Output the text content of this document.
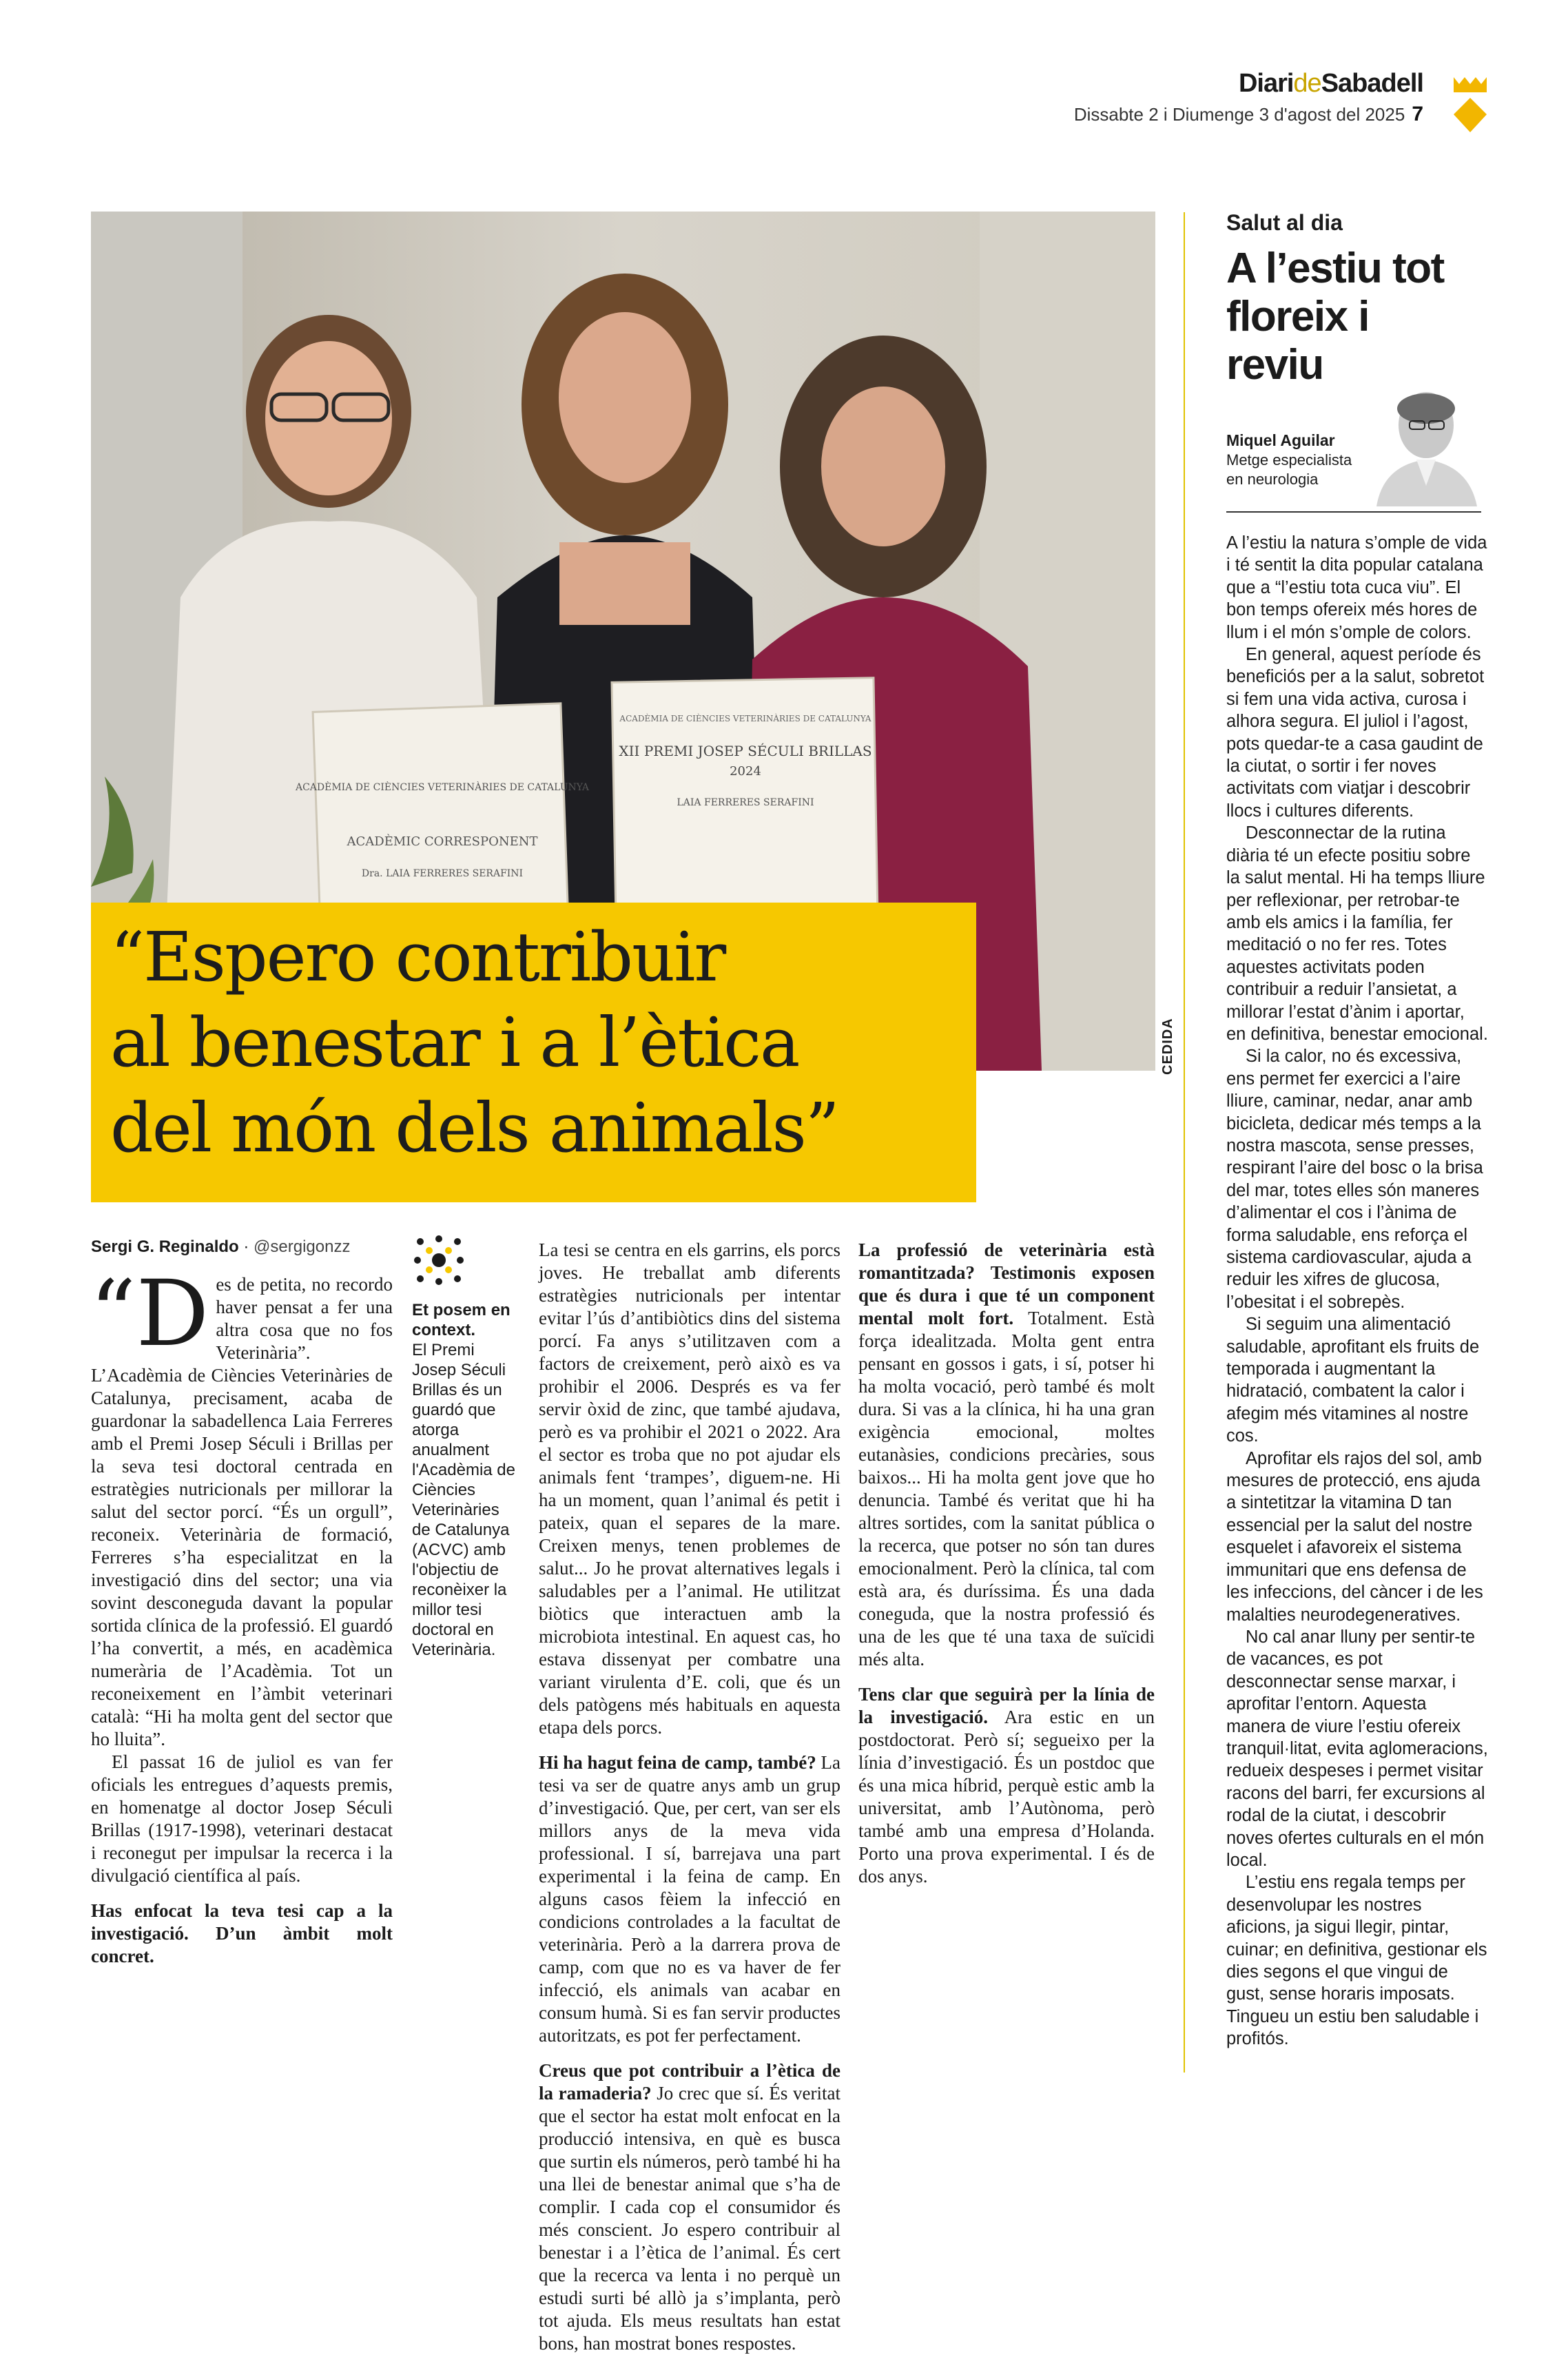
DiarideSabadell
Dissabte 2 i Diumenge 3 d'agost del 2025 7
ACADÈMIA DE CIÈNCIES VETERINÀRIES DE CATALUNYA
ACADÈMIC CORRESPONENT
Dra. LAIA FERRERES SERAFINI
ACADÈMIA DE CIÈNCIES VETERINÀRIES DE CATALUNYA
XII PREMI JOSEP SÉCULI BRILLAS
2024
LAIA FERRERES SERAFINI
CEDIDA
“Espero contribuir
al benestar i a l’ètica
del món dels animals”
Sergi G. Reginaldo · @sergigonzz

“Des de petita, no recordo haver pensat a fer una altra cosa que no fos Veterinària”. L’Acadèmia de Ciències Veterinàries de Catalunya, precisament, acaba de guardonar la sabadellenca Laia Ferreres amb el Premi Josep Séculi i Brillas per la seva tesi doctoral centrada en estratègies nutricionals per millorar la salut del sector porcí. “És un orgull”, reconeix. Veterinària de formació, Ferreres s’ha especialitzat en la investigació dins del sector; una via sovint desconeguda davant la popular sortida clínica de la professió. El guardó l’ha convertit, a més, en acadèmica numerària de l’Acadèmia. Tot un reconeixement en l’àmbit veterinari català: “Hi ha molta gent del sector que ho lluita”.

El passat 16 de juliol es van fer oficials les entregues d’aquests premis, en homenatge al doctor Josep Séculi Brillas (1917-1998), veterinari destacat i reconegut per impulsar la recerca i la divulgació científica al país.

Has enfocat la teva tesi cap a la investigació. D’un àmbit molt concret.

Et posem en context.
El Premi Josep Séculi Brillas és un guardó que atorga anualment l'Acadèmia de Ciències Veterinàries de Catalunya (ACVC) amb l'objectiu de reconèixer la millor tesi doctoral en Veterinària.

La tesi se centra en els garrins, els porcs joves. He treballat amb diferents estratègies nutricionals per intentar evitar l’ús d’antibiòtics dins del sistema porcí. Fa anys s’utilitzaven com a factors de creixement, però això es va prohibir el 2006. Després es va fer servir òxid de zinc, que també ajudava, però es va prohibir el 2021 o 2022. Ara el sector es troba que no pot ajudar els animals fent ‘trampes’, diguem-ne. Hi ha un moment, quan l’animal és petit i pateix, quan el separes de la mare. Creixen menys, tenen problemes de salut... Jo he provat alternatives legals i saludables per a l’animal. He utilitzat biòtics que interactuen amb la microbiota intestinal. En aquest cas, ho estava dissenyat per combatre una variant virulenta d’E. coli, que és un dels patògens més habituals en aquesta etapa dels porcs.

Hi ha hagut feina de camp, també? La tesi va ser de quatre anys amb un grup d’investigació. Que, per cert, van ser els millors anys de la meva vida professional. I sí, barrejava una part experimental i la feina de camp. En alguns casos fèiem la infecció en condicions controlades a la facultat de veterinària. Però a la darrera prova de camp, com que no es va haver de fer infecció, els animals van acabar en consum humà. Si es fan servir productes autoritzats, es pot fer perfectament.

Creus que pot contribuir a l’ètica de la ramaderia? Jo crec que sí. És veritat que el sector ha estat molt enfocat en la producció intensiva, en què es busca que surtin els números, però també hi ha una llei de benestar animal que s’ha de complir. I cada cop el consumidor és més conscient. Jo espero contribuir al benestar i a l’ètica de l’animal. És cert que la recerca va lenta i no perquè un estudi surti bé allò ja s’implanta, però tot ajuda. Els meus resultats han estat bons, han mostrat bones respostes.

La professió de veterinària està romantitzada? Testimonis exposen que és dura i que té un component mental molt fort. Totalment. Està força idealitzada. Molta gent entra pensant en gossos i gats, i sí, potser hi ha molta vocació, però també és molt dura. Si vas a la clínica, hi ha una gran exigència emocional, moltes eutanàsies, condicions precàries, sous baixos... Hi ha molta gent jove que ho denuncia. També és veritat que hi ha altres sortides, com la sanitat pública o la recerca, que potser no són tan dures emocionalment. Però la clínica, tal com està ara, és duríssima. És una dada coneguda, que la nostra professió és una de les que té una taxa de suïcidi més alta.

Tens clar que seguirà per la línia de la investigació. Ara estic en un postdoctorat. Però sí; segueixo per la línia d’investigació. És un postdoc que és una mica híbrid, perquè estic amb la universitat, amb l’Autònoma, però també amb una empresa d’Holanda. Porto una prova experimental. I és de dos anys.

Salut al dia
A l’estiu tot floreix i reviu
Miquel Aguilar
Metge especialista
en neurologia

A l’estiu la natura s’omple de vida i té sentit la dita popular catalana que a “l’estiu tota cuca viu”. El bon temps ofereix més hores de llum i el món s’omple de colors.

En general, aquest període és beneficiós per a la salut, sobretot si fem una vida activa, curosa i alhora segura. El juliol i l’agost, pots quedar-te a casa gaudint de la ciutat, o sortir i fer noves activitats com viatjar i descobrir llocs i cultures diferents.

Desconnectar de la rutina diària té un efecte positiu sobre la salut mental. Hi ha temps lliure per reflexionar, per retrobar-te amb els amics i la família, fer meditació o no fer res. Totes aquestes activitats poden contribuir a reduir l’ansietat, a millorar l’estat d’ànim i aportar, en definitiva, benestar emocional.

Si la calor, no és excessiva, ens permet fer exercici a l’aire lliure, caminar, nedar, anar amb bicicleta, dedicar més temps a la nostra mascota, sense presses, respirant l’aire del bosc o la brisa del mar, totes elles són maneres d’alimentar el cos i l’ànima de forma saludable, ens reforça el sistema cardiovascular, ajuda a reduir les xifres de glucosa, l’obesitat i el sobrepès.

Si seguim una alimentació saludable, aprofitant els fruits de temporada i augmentant la hidratació, combatent la calor i afegim més vitamines al nostre cos.

Aprofitar els rajos del sol, amb mesures de protecció, ens ajuda a sintetitzar la vitamina D tan essencial per la salut del nostre esquelet i afavoreix el sistema immunitari que ens defensa de les infeccions, del càncer i de les malalties neurodegeneratives.

No cal anar lluny per sentir-te de vacances, es pot desconnectar sense marxar, i aprofitar l’entorn. Aquesta manera de viure l’estiu ofereix tranquil·litat, evita aglomeracions, redueix despeses i permet visitar racons del barri, fer excursions al rodal de la ciutat, i descobrir noves ofertes culturals en el món local.

L’estiu ens regala temps per desenvolupar les nostres aficions, ja sigui llegir, pintar, cuinar; en definitiva, gestionar els dies segons el que vingui de gust, sense horaris imposats. Tingueu un estiu ben saludable i profitós.
